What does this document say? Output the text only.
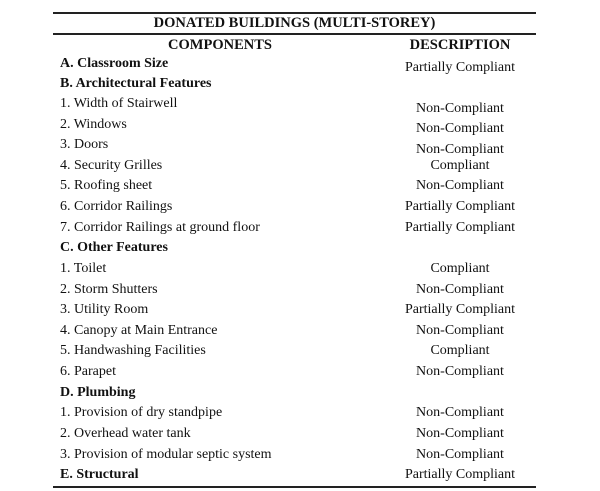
DONATED BUILDINGS (MULTI-STOREY)
COMPONENTS	DESCRIPTION
A. Classroom Size	Partially Compliant
B. Architectural Features
1. Width of Stairwell	Non-Compliant
2. Windows	Non-Compliant
3. Doors	Non-Compliant
4. Security Grilles	Compliant
5. Roofing sheet	Non-Compliant
6. Corridor Railings	Partially Compliant
7. Corridor Railings at ground floor	Partially Compliant
C. Other Features
1. Toilet	Compliant
2. Storm Shutters	Non-Compliant
3. Utility Room	Partially Compliant
4. Canopy at Main Entrance	Non-Compliant
5. Handwashing Facilities	Compliant
6. Parapet	Non-Compliant
D. Plumbing
1. Provision of dry standpipe	Non-Compliant
2. Overhead water tank	Non-Compliant
3. Provision of modular septic system	Non-Compliant
E. Structural	Partially Compliant
